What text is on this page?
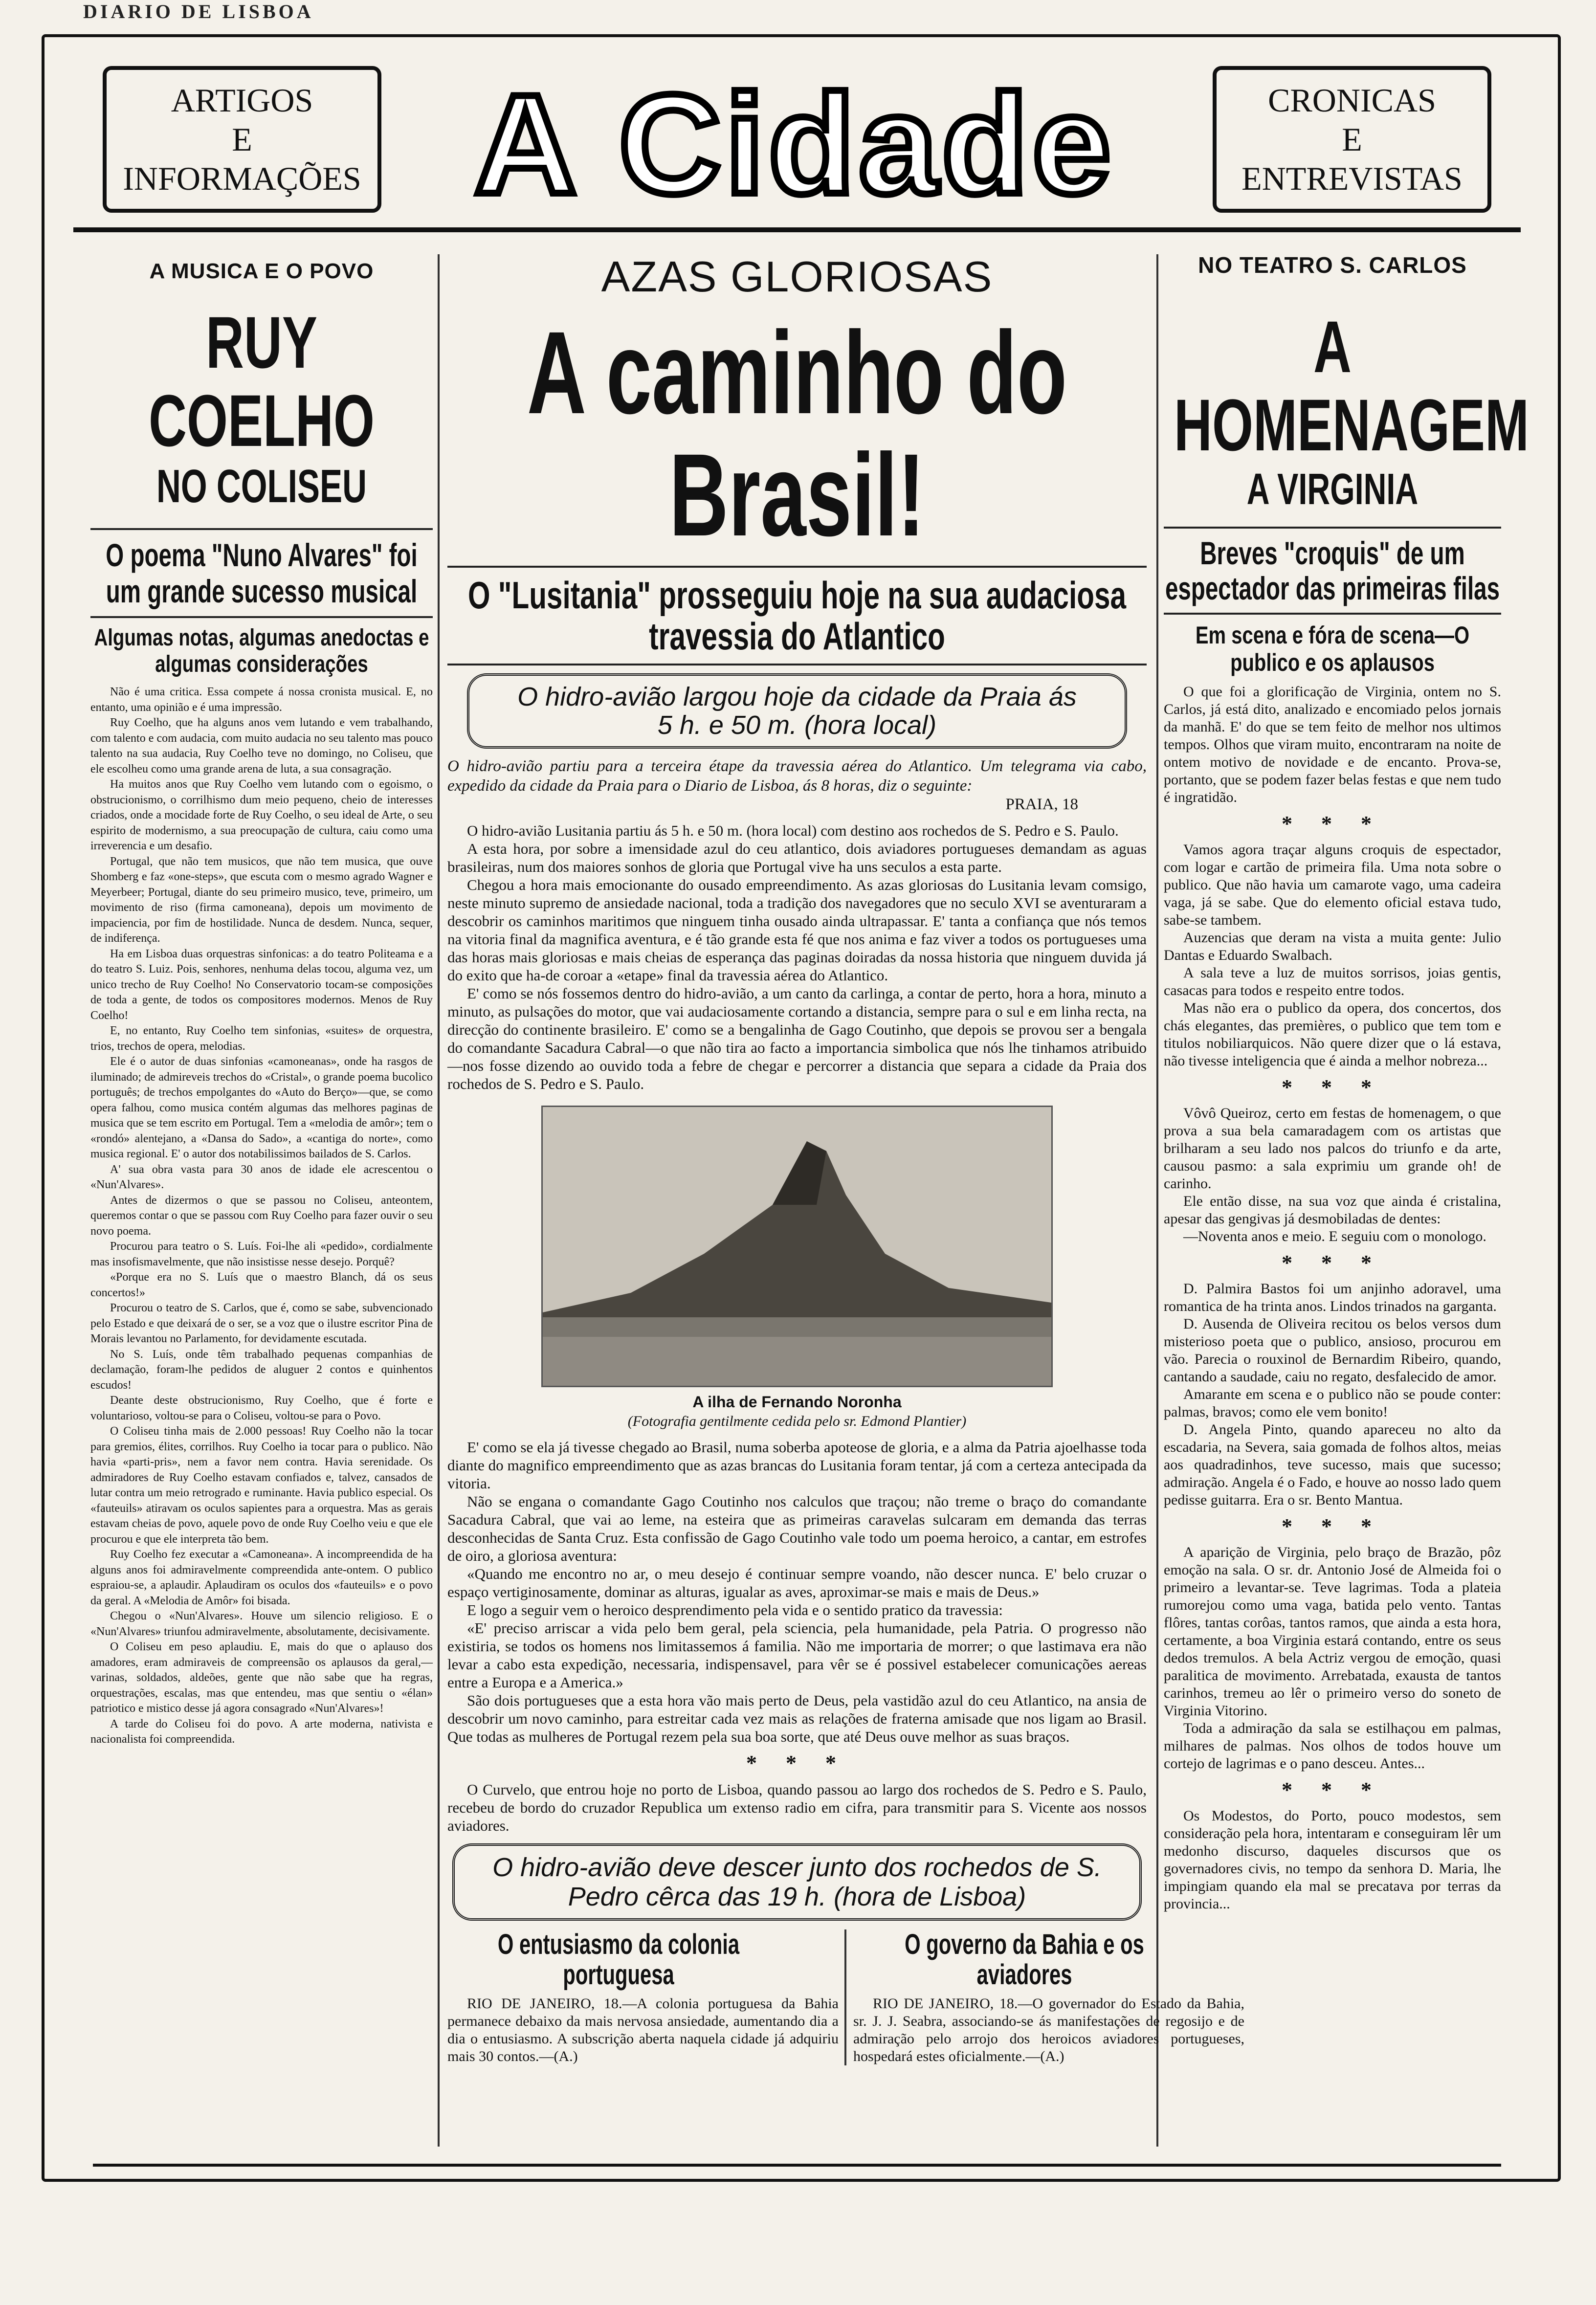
DIARIO DE LISBOA
ARTIGOS
E
INFORMAÇÕES A Cidade	CRONICAS
E
ENTREVISTAS
A MUSICA E O POVO
RUY COELHO
NO COLISEU
O poema "Nuno Alvares" foi um grande sucesso musical
Algumas notas, algumas anedoctas e algumas considerações

Não é uma critica. Essa compete á nossa cronista musical. E, no entanto, uma opinião e é uma impressão.

Ruy Coelho, que ha alguns anos vem lutando e vem trabalhando, com talento e com audacia, com muito audacia no seu talento mas pouco talento na sua audacia, Ruy Coelho teve no domingo, no Coliseu, que ele escolheu como uma grande arena de luta, a sua consagração.

Ha muitos anos que Ruy Coelho vem lutando com o egoismo, o obstrucionismo, o corrilhismo dum meio pequeno, cheio de interesses criados, onde a mocidade forte de Ruy Coelho, o seu ideal de Arte, o seu espirito de modernismo, a sua preocupação de cultura, caiu como uma irreverencia e um desafio.

Portugal, que não tem musicos, que não tem musica, que ouve Shomberg e faz «one-steps», que escuta com o mesmo agrado Wagner e Meyerbeer; Portugal, diante do seu primeiro musico, teve, primeiro, um movimento de riso (firma camoneana), depois um movimento de impaciencia, por fim de hostilidade. Nunca de desdem. Nunca, sequer, de indiferença.

Ha em Lisboa duas orquestras sinfonicas: a do teatro Politeama e a do teatro S. Luiz. Pois, senhores, nenhuma delas tocou, alguma vez, um unico trecho de Ruy Coelho! No Conservatorio tocam-se composições de toda a gente, de todos os compositores modernos. Menos de Ruy Coelho!

E, no entanto, Ruy Coelho tem sinfonias, «suites» de orquestra, trios, trechos de opera, melodias.

Ele é o autor de duas sinfonias «camoneanas», onde ha rasgos de iluminado; de admireveis trechos do «Cristal», o grande poema bucolico português; de trechos empolgantes do «Auto do Berço»—que, se como opera falhou, como musica contém algumas das melhores paginas de musica que se tem escrito em Portugal. Tem a «melodia de amôr»; tem o «rondó» alentejano, a «Dansa do Sado», a «cantiga do norte», como musica regional. E' o autor dos notabilissimos bailados de S. Carlos.

A' sua obra vasta para 30 anos de idade ele acrescentou o «Nun'Alvares».

Antes de dizermos o que se passou no Coliseu, anteontem, queremos contar o que se passou com Ruy Coelho para fazer ouvir o seu novo poema.

Procurou para teatro o S. Luís. Foi-lhe ali «pedido», cordialmente mas insofismavelmente, que não insistisse nesse desejo. Porquê?

«Porque era no S. Luís que o maestro Blanch, dá os seus concertos!»

Procurou o teatro de S. Carlos, que é, como se sabe, subvencionado pelo Estado e que deixará de o ser, se a voz que o ilustre escritor Pina de Morais levantou no Parlamento, for devidamente escutada.

No S. Luís, onde têm trabalhado pequenas companhias de declamação, foram-lhe pedidos de aluguer 2 contos e quinhentos escudos!

Deante deste obstrucionismo, Ruy Coelho, que é forte e voluntarioso, voltou-se para o Coliseu, voltou-se para o Povo.

O Coliseu tinha mais de 2.000 pessoas! Ruy Coelho não la tocar para gremios, élites, corrilhos. Ruy Coelho ia tocar para o publico. Não havia «parti-pris», nem a favor nem contra. Havia serenidade. Os admiradores de Ruy Coelho estavam confiados e, talvez, cansados de lutar contra um meio retrogrado e ruminante. Havia publico especial. Os «fauteuils» atiravam os oculos sapientes para a orquestra. Mas as gerais estavam cheias de povo, aquele povo de onde Ruy Coelho veiu e que ele procurou e que ele interpreta tão bem.

Ruy Coelho fez executar a «Camoneana». A incompreendida de ha alguns anos foi admiravelmente compreendida ante-ontem. O publico espraiou-se, a aplaudir. Aplaudiram os oculos dos «fauteuils» e o povo da geral. A «Melodia de Amôr» foi bisada.

Chegou o «Nun'Alvares». Houve um silencio religioso. E o «Nun'Alvares» triunfou admiravelmente, absolutamente, decisivamente.

O Coliseu em peso aplaudiu. E, mais do que o aplauso dos amadores, eram admiraveis de compreensão os aplausos da geral,—varinas, soldados, aldeões, gente que não sabe que ha regras, orquestrações, escalas, mas que entendeu, mas que sentiu o «élan» patriotico e mistico desse já agora consagrado «Nun'Alvares»!

A tarde do Coliseu foi do povo. A arte moderna, nativista e nacionalista foi compreendida.

AZAS GLORIOSAS
A caminho do Brasil!
O "Lusitania" prosseguiu hoje na sua audaciosa travessia do Atlantico
O hidro-avião largou hoje da cidade da Praia ás 5 h. e 50 m. (hora local)
O hidro-avião partiu para a terceira étape da travessia aérea do Atlantico. Um telegrama via cabo, expedido da cidade da Praia para o Diario de Lisboa, ás 8 horas, diz o seguinte:
PRAIA, 18

O hidro-avião Lusitania partiu ás 5 h. e 50 m. (hora local) com destino aos rochedos de S. Pedro e S. Paulo.

A esta hora, por sobre a imensidade azul do ceu atlantico, dois aviadores portugueses demandam as aguas brasileiras, num dos maiores sonhos de gloria que Portugal vive ha uns seculos a esta parte.

Chegou a hora mais emocionante do ousado empreendimento. As azas gloriosas do Lusitania levam comsigo, neste minuto supremo de ansiedade nacional, toda a tradição dos navegadores que no seculo XVI se aventuraram a descobrir os caminhos maritimos que ninguem tinha ousado ainda ultrapassar. E' tanta a confiança que nós temos na vitoria final da magnifica aventura, e é tão grande esta fé que nos anima e faz viver a todos os portugueses uma das horas mais gloriosas e mais cheias de esperança das paginas doiradas da nossa historia que ninguem duvida já do exito que ha-de coroar a «etape» final da travessia aérea do Atlantico.

E' como se nós fossemos dentro do hidro-avião, a um canto da carlinga, a contar de perto, hora a hora, minuto a minuto, as pulsações do motor, que vai audaciosamente cortando a distancia, sempre para o sul e em linha recta, na direcção do continente brasileiro. E' como se a bengalinha de Gago Coutinho, que depois se provou ser a bengala do comandante Sacadura Cabral—o que não tira ao facto a importancia simbolica que nós lhe tinhamos atribuido—nos fosse dizendo ao ouvido toda a febre de chegar e percorrer a distancia que separa a cidade da Praia dos rochedos de S. Pedro e S. Paulo.

A ilha de Fernando Noronha
(Fotografia gentilmente cedida pelo sr. Edmond Plantier)

E' como se ela já tivesse chegado ao Brasil, numa soberba apoteose de gloria, e a alma da Patria ajoelhasse toda diante do magnifico empreendimento que as azas brancas do Lusitania foram tentar, já com a certeza antecipada da vitoria.

Não se engana o comandante Gago Coutinho nos calculos que traçou; não treme o braço do comandante Sacadura Cabral, que vai ao leme, na esteira que as primeiras caravelas sulcaram em demanda das terras desconhecidas de Santa Cruz. Esta confissão de Gago Coutinho vale todo um poema heroico, a cantar, em estrofes de oiro, a gloriosa aventura:

«Quando me encontro no ar, o meu desejo é continuar sempre voando, não descer nunca. E' belo cruzar o espaço vertiginosamente, dominar as alturas, igualar as aves, aproximar-se mais e mais de Deus.»

E logo a seguir vem o heroico desprendimento pela vida e o sentido pratico da travessia:

«E' preciso arriscar a vida pelo bem geral, pela sciencia, pela humanidade, pela Patria. O progresso não existiria, se todos os homens nos limitassemos á familia. Não me importaria de morrer; o que lastimava era não levar a cabo esta expedição, necessaria, indispensavel, para vêr se é possivel estabelecer comunicações aereas entre a Europa e a America.»

São dois portugueses que a esta hora vão mais perto de Deus, pela vastidão azul do ceu Atlantico, na ansia de descobrir um novo caminho, para estreitar cada vez mais as relações de fraterna amisade que nos ligam ao Brasil. Que todas as mulheres de Portugal rezem pela sua boa sorte, que até Deus ouve melhor as suas braços.

* * *

O Curvelo, que entrou hoje no porto de Lisboa, quando passou ao largo dos rochedos de S. Pedro e S. Paulo, recebeu de bordo do cruzador Republica um extenso radio em cifra, para transmitir para S. Vicente aos nossos aviadores.

O hidro-avião deve descer junto dos rochedos de S. Pedro cêrca das 19 h. (hora de Lisboa)
O entusiasmo da colonia portuguesa

RIO DE JANEIRO, 18.—A colonia portuguesa da Bahia permanece debaixo da mais nervosa ansiedade, aumentando dia a dia o entusiasmo. A subscrição aberta naquela cidade já adquiriu mais 30 contos.—(A.)

O governo da Bahia e os aviadores

RIO DE JANEIRO, 18.—O governador do Estado da Bahia, sr. J. J. Seabra, associando-se ás manifestações de regosijo e de admiração pelo arrojo dos heroicos aviadores portugueses, hospedará estes oficialmente.—(A.)

NO TEATRO S. CARLOS
A HOMENAGEM
A VIRGINIA
Breves "croquis" de um espectador das primeiras filas
Em scena e fóra de scena—O publico e os aplausos

O que foi a glorificação de Virginia, ontem no S. Carlos, já está dito, analizado e encomiado pelos jornais da manhã. E' do que se tem feito de melhor nos ultimos tempos. Olhos que viram muito, encontraram na noite de ontem motivo de novidade e de encanto. Prova-se, portanto, que se podem fazer belas festas e que nem tudo é ingratidão.

* * *

Vamos agora traçar alguns croquis de espectador, com logar e cartão de primeira fila. Uma nota sobre o publico. Que não havia um camarote vago, uma cadeira vaga, já se sabe. Que do elemento oficial estava tudo, sabe-se tambem.

Auzencias que deram na vista a muita gente: Julio Dantas e Eduardo Swalbach.

A sala teve a luz de muitos sorrisos, joias gentis, casacas para todos e respeito entre todos.

Mas não era o publico da opera, dos concertos, dos chás elegantes, das premières, o publico que tem tom e titulos nobiliarquicos. Não quere dizer que o lá estava, não tivesse inteligencia que é ainda a melhor nobreza...

* * *

Vôvô Queiroz, certo em festas de homenagem, o que prova a sua bela camaradagem com os artistas que brilharam a seu lado nos palcos do triunfo e da arte, causou pasmo: a sala exprimiu um grande oh! de carinho.

Ele então disse, na sua voz que ainda é cristalina, apesar das gengivas já desmobiladas de dentes:

—Noventa anos e meio. E seguiu com o monologo.

* * *

D. Palmira Bastos foi um anjinho adoravel, uma romantica de ha trinta anos. Lindos trinados na garganta.

D. Ausenda de Oliveira recitou os belos versos dum misterioso poeta que o publico, ansioso, procurou em vão. Parecia o rouxinol de Bernardim Ribeiro, quando, cantando a saudade, caiu no regato, desfalecido de amor.

Amarante em scena e o publico não se poude conter: palmas, bravos; como ele vem bonito!

D. Angela Pinto, quando apareceu no alto da escadaria, na Severa, saia gomada de folhos altos, meias aos quadradinhos, teve sucesso, mais que sucesso; admiração. Angela é o Fado, e houve ao nosso lado quem pedisse guitarra. Era o sr. Bento Mantua.

* * *

A aparição de Virginia, pelo braço de Brazão, pôz emoção na sala. O sr. dr. Antonio José de Almeida foi o primeiro a levantar-se. Teve lagrimas. Toda a plateia rumorejou como uma vaga, batida pelo vento. Tantas flôres, tantas corôas, tantos ramos, que ainda a esta hora, certamente, a boa Virginia estará contando, entre os seus dedos tremulos. A bela Actriz vergou de emoção, quasi paralitica de movimento. Arrebatada, exausta de tantos carinhos, tremeu ao lêr o primeiro verso do soneto de Virginia Vitorino.

Toda a admiração da sala se estilhaçou em palmas, milhares de palmas. Nos olhos de todos houve um cortejo de lagrimas e o pano desceu. Antes...

* * *

Os Modestos, do Porto, pouco modestos, sem consideração pela hora, intentaram e conseguiram lêr um medonho discurso, daqueles discursos que os governadores civis, no tempo da senhora D. Maria, lhe impingiam quando ela mal se precatava por terras da provincia...
